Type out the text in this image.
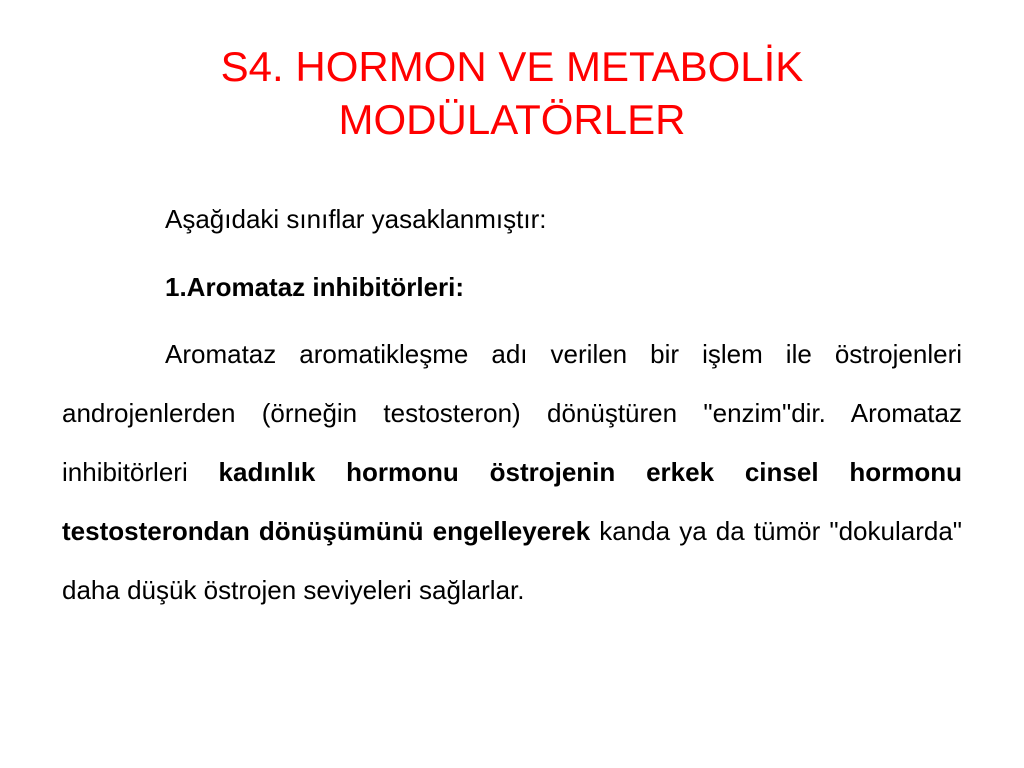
S4. HORMON VE METABOLİK
MODÜLATÖRLER

Aşağıdaki sınıflar yasaklanmıştır:

1.Aromataz inhibitörleri:

Aromataz aromatikleşme adı verilen bir işlem ile östrojenleri androjenlerden (örneğin testosteron) dönüştüren "enzim"dir. Aromataz inhibitörleri kadınlık hormonu östrojenin erkek cinsel hormonu testosterondan dönüşümünü engelleyerek kanda ya da tümör "dokularda" daha düşük östrojen seviyeleri sağlarlar.
